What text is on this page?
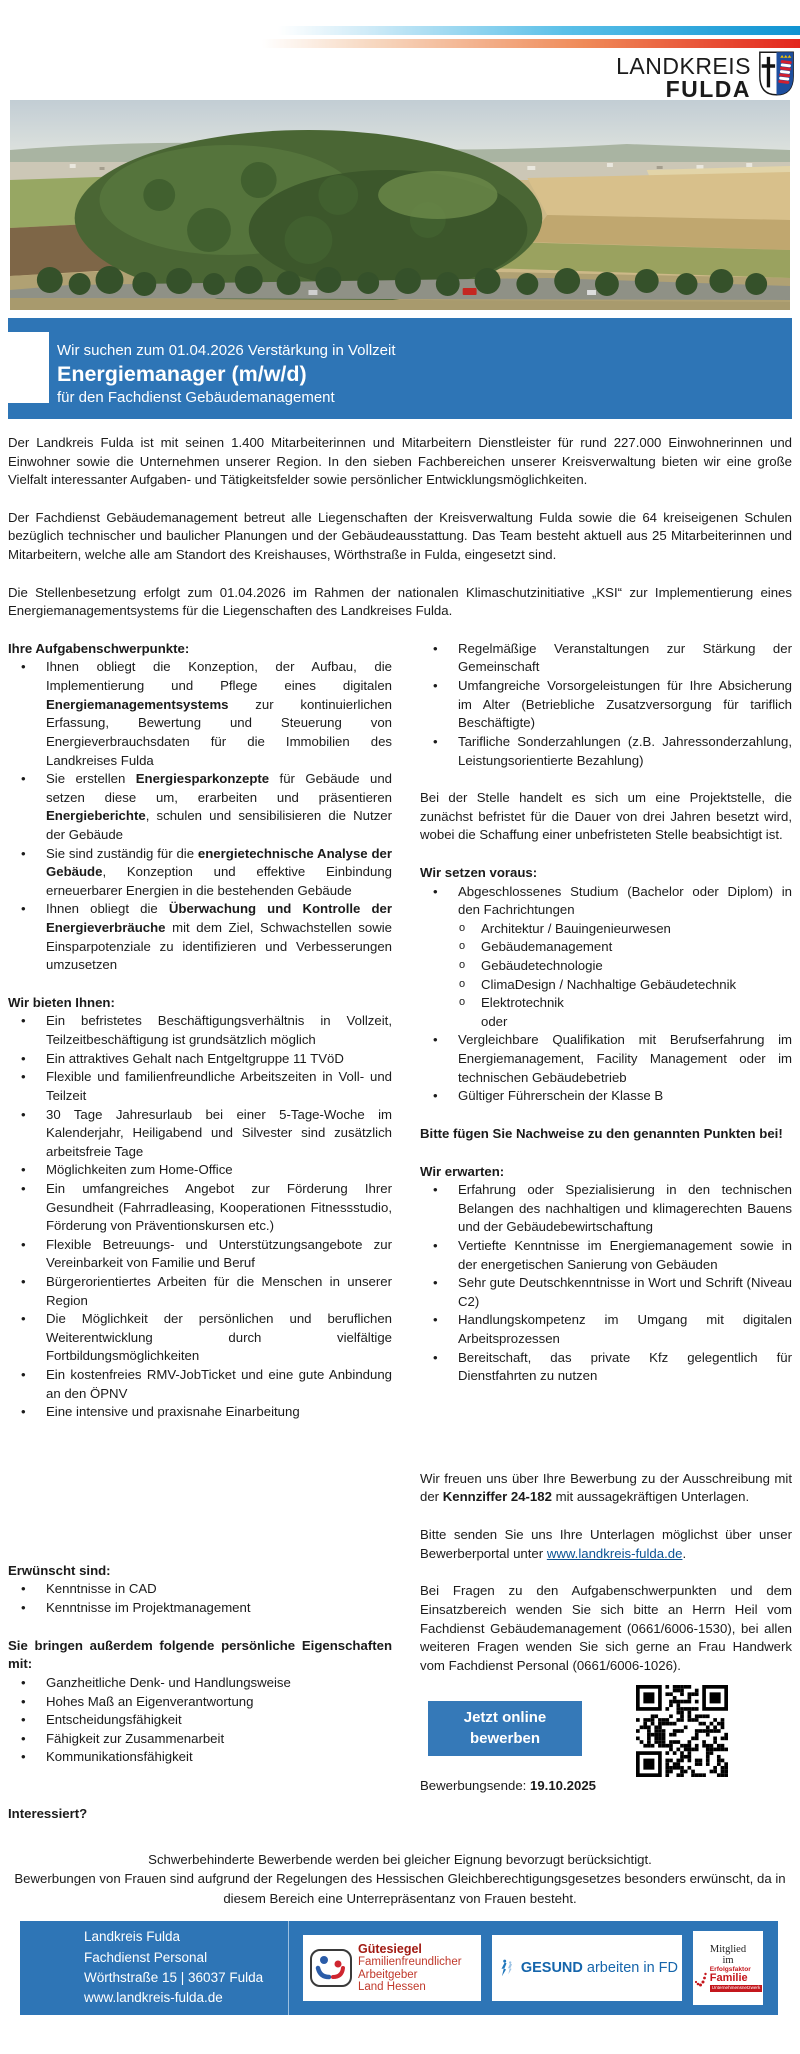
LANDKREIS
FULDA
Wir suchen zum 01.04.2026 Verstärkung in Vollzeit
Energiemanager (m/w/d)
für den Fachdienst Gebäudemanagement

Der Landkreis Fulda ist mit seinen 1.400 Mitarbeiterinnen und Mitarbeitern Dienstleister für rund 227.000 Einwohnerinnen und Einwohner sowie die Unternehmen unserer Region. In den sieben Fachbereichen unserer Kreisverwaltung bieten wir eine große Vielfalt interessanter Aufgaben- und Tätigkeitsfelder sowie persönlicher Entwicklungsmöglichkeiten.

Der Fachdienst Gebäudemanagement betreut alle Liegenschaften der Kreisverwaltung Fulda sowie die 64 kreiseigenen Schulen bezüglich technischer und baulicher Planungen und der Gebäudeausstattung. Das Team besteht aktuell aus 25 Mitarbeiterinnen und Mitarbeitern, welche alle am Standort des Kreishauses, Wörthstraße in Fulda, eingesetzt sind.

Die Stellenbesetzung erfolgt zum 01.04.2026 im Rahmen der nationalen Klimaschutzinitiative „KSI“ zur Implementierung eines Energiemanagementsystems für die Liegenschaften des Landkreises Fulda.

Ihre Aufgabenschwerpunkte:
• Ihnen obliegt die Konzeption, der Aufbau, die Implementierung und Pflege eines digitalen Energiemanagementsystems zur kontinuierlichen Erfassung, Bewertung und Steuerung von Energieverbrauchsdaten für die Immobilien des Landkreises Fulda
• Sie erstellen Energiesparkonzepte für Gebäude und setzen diese um, erarbeiten und präsentieren Energieberichte, schulen und sensibilisieren die Nutzer der Gebäude
• Sie sind zuständig für die energietechnische Analyse der Gebäude, Konzeption und effektive Einbindung erneuerbarer Energien in die bestehenden Gebäude
• Ihnen obliegt die Überwachung und Kontrolle der Energieverbräuche mit dem Ziel, Schwachstellen sowie Einsparpotenziale zu identifizieren und Verbesserungen umzusetzen
Wir bieten Ihnen:
• Ein befristetes Beschäftigungsverhältnis in Vollzeit, Teilzeitbeschäftigung ist grundsätzlich möglich
• Ein attraktives Gehalt nach Entgeltgruppe 11 TVöD
• Flexible und familienfreundliche Arbeitszeiten in Voll- und Teilzeit
• 30 Tage Jahresurlaub bei einer 5-Tage-Woche im Kalenderjahr, Heiligabend und Silvester sind zusätzlich arbeitsfreie Tage
• Möglichkeiten zum Home-Office
• Ein umfangreiches Angebot zur Förderung Ihrer Gesundheit (Fahrradleasing, Kooperationen Fitnessstudio, Förderung von Präventionskursen etc.)
• Flexible Betreuungs- und Unterstützungsangebote zur Vereinbarkeit von Familie und Beruf
• Bürgerorientiertes Arbeiten für die Menschen in unserer Region
• Die Möglichkeit der persönlichen und beruflichen Weiterentwicklung durch vielfältige Fortbildungsmöglichkeiten
• Ein kostenfreies RMV-JobTicket und eine gute Anbindung an den ÖPNV
• Eine intensive und praxisnahe Einarbeitung
• Regelmäßige Veranstaltungen zur Stärkung der Gemeinschaft
• Umfangreiche Vorsorgeleistungen für Ihre Absicherung im Alter (Betriebliche Zusatzversorgung für tariflich Beschäftigte)
• Tarifliche Sonderzahlungen (z.B. Jahressonderzahlung, Leistungsorientierte Bezahlung)

Bei der Stelle handelt es sich um eine Projektstelle, die zunächst befristet für die Dauer von drei Jahren besetzt wird, wobei die Schaffung einer unbefristeten Stelle beabsichtigt ist.

Wir setzen voraus:
• Abgeschlossenes Studium (Bachelor oder Diplom) in den Fachrichtungen
o Architektur / Bauingenieurwesen
o Gebäudemanagement
o Gebäudetechnologie
o ClimaDesign / Nachhaltige Gebäudetechnik
o Elektrotechnik
oder
• Vergleichbare Qualifikation mit Berufserfahrung im Energiemanagement, Facility Management oder im technischen Gebäudebetrieb
• Gültiger Führerschein der Klasse B
Bitte fügen Sie Nachweise zu den genannten Punkten bei!
Wir erwarten:
• Erfahrung oder Spezialisierung in den technischen Belangen des nachhaltigen und klimagerechten Bauens und der Gebäudebewirtschaftung
• Vertiefte Kenntnisse im Energiemanagement sowie in der energetischen Sanierung von Gebäuden
• Sehr gute Deutschkenntnisse in Wort und Schrift (Niveau C2)
• Handlungskompetenz im Umgang mit digitalen Arbeitsprozessen
• Bereitschaft, das private Kfz gelegentlich für Dienstfahrten zu nutzen
Erwünscht sind:
• Kenntnisse in CAD
• Kenntnisse im Projektmanagement
Sie bringen außerdem folgende persönliche Eigenschaften mit:
• Ganzheitliche Denk- und Handlungsweise
• Hohes Maß an Eigenverantwortung
• Entscheidungsfähigkeit
• Fähigkeit zur Zusammenarbeit
• Kommunikationsfähigkeit
Interessiert?

Wir freuen uns über Ihre Bewerbung zu der Ausschreibung mit der Kennziffer 24-182 mit aussagekräftigen Unterlagen.

Bitte senden Sie uns Ihre Unterlagen möglichst über unser Bewerberportal unter www.landkreis-fulda.de.

Bei Fragen zu den Aufgabenschwerpunkten und dem Einsatzbereich wenden Sie sich bitte an Herrn Heil vom Fachdienst Gebäudemanagement (0661/6006-1530), bei allen weiteren Fragen wenden Sie sich gerne an Frau Handwerk vom Fachdienst Personal (0661/6006-1026).

Jetzt online bewerben

Bewerbungsende: 19.10.2025

Schwerbehinderte Bewerbende werden bei gleicher Eignung bevorzugt berücksichtigt.
Bewerbungen von Frauen sind aufgrund der Regelungen des Hessischen Gleichberechtigungsgesetzes besonders erwünscht, da in diesem Bereich eine Unterrepräsentanz von Frauen besteht.
Landkreis Fulda
Fachdienst Personal
Wörthstraße 15 | 36037 Fulda
www.landkreis-fulda.de
Gütesiegel
Familienfreundlicher
Arbeitgeber
Land Hessen
GESUND arbeiten in FD
Mitglied
im
Erfolgsfaktor
Familie
Unternehmensnetzwerk
